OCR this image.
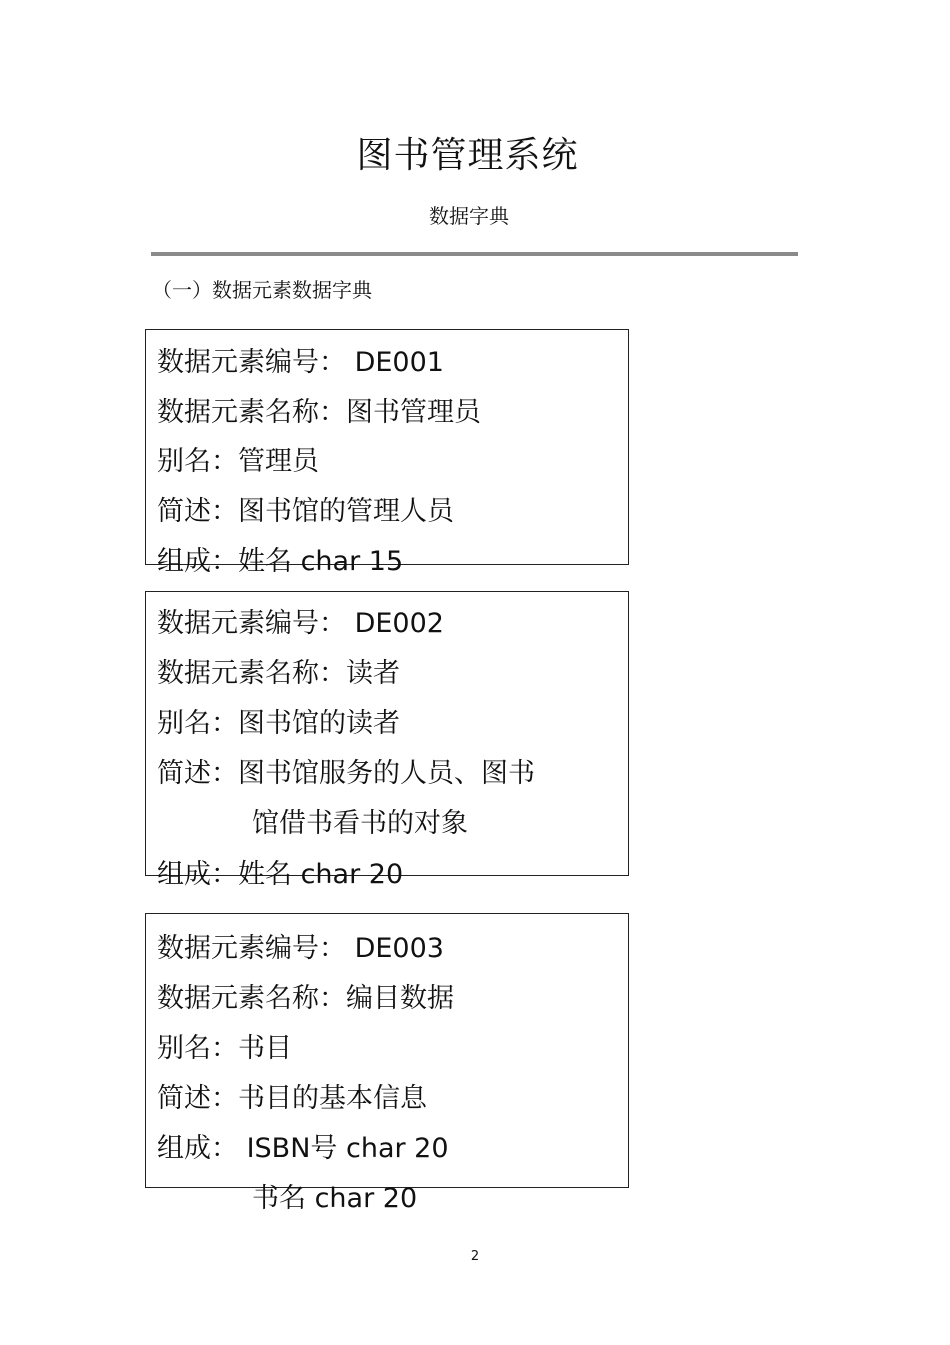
图书管理系统
数据字典
（一）数据元素数据字典
数据元素编号： DE001
数据元素名称：图书管理员
别名：管理员
简述：图书馆的管理人员
组成：姓名 char 15
数据元素编号： DE002
数据元素名称：读者
别名：图书馆的读者
简述：图书馆服务的人员、图书
馆借书看书的对象
组成：姓名 char 20
数据元素编号： DE003
数据元素名称：编目数据
别名：书目
简述：书目的基本信息
组成： ISBN号 char 20
书名 char 20
2
